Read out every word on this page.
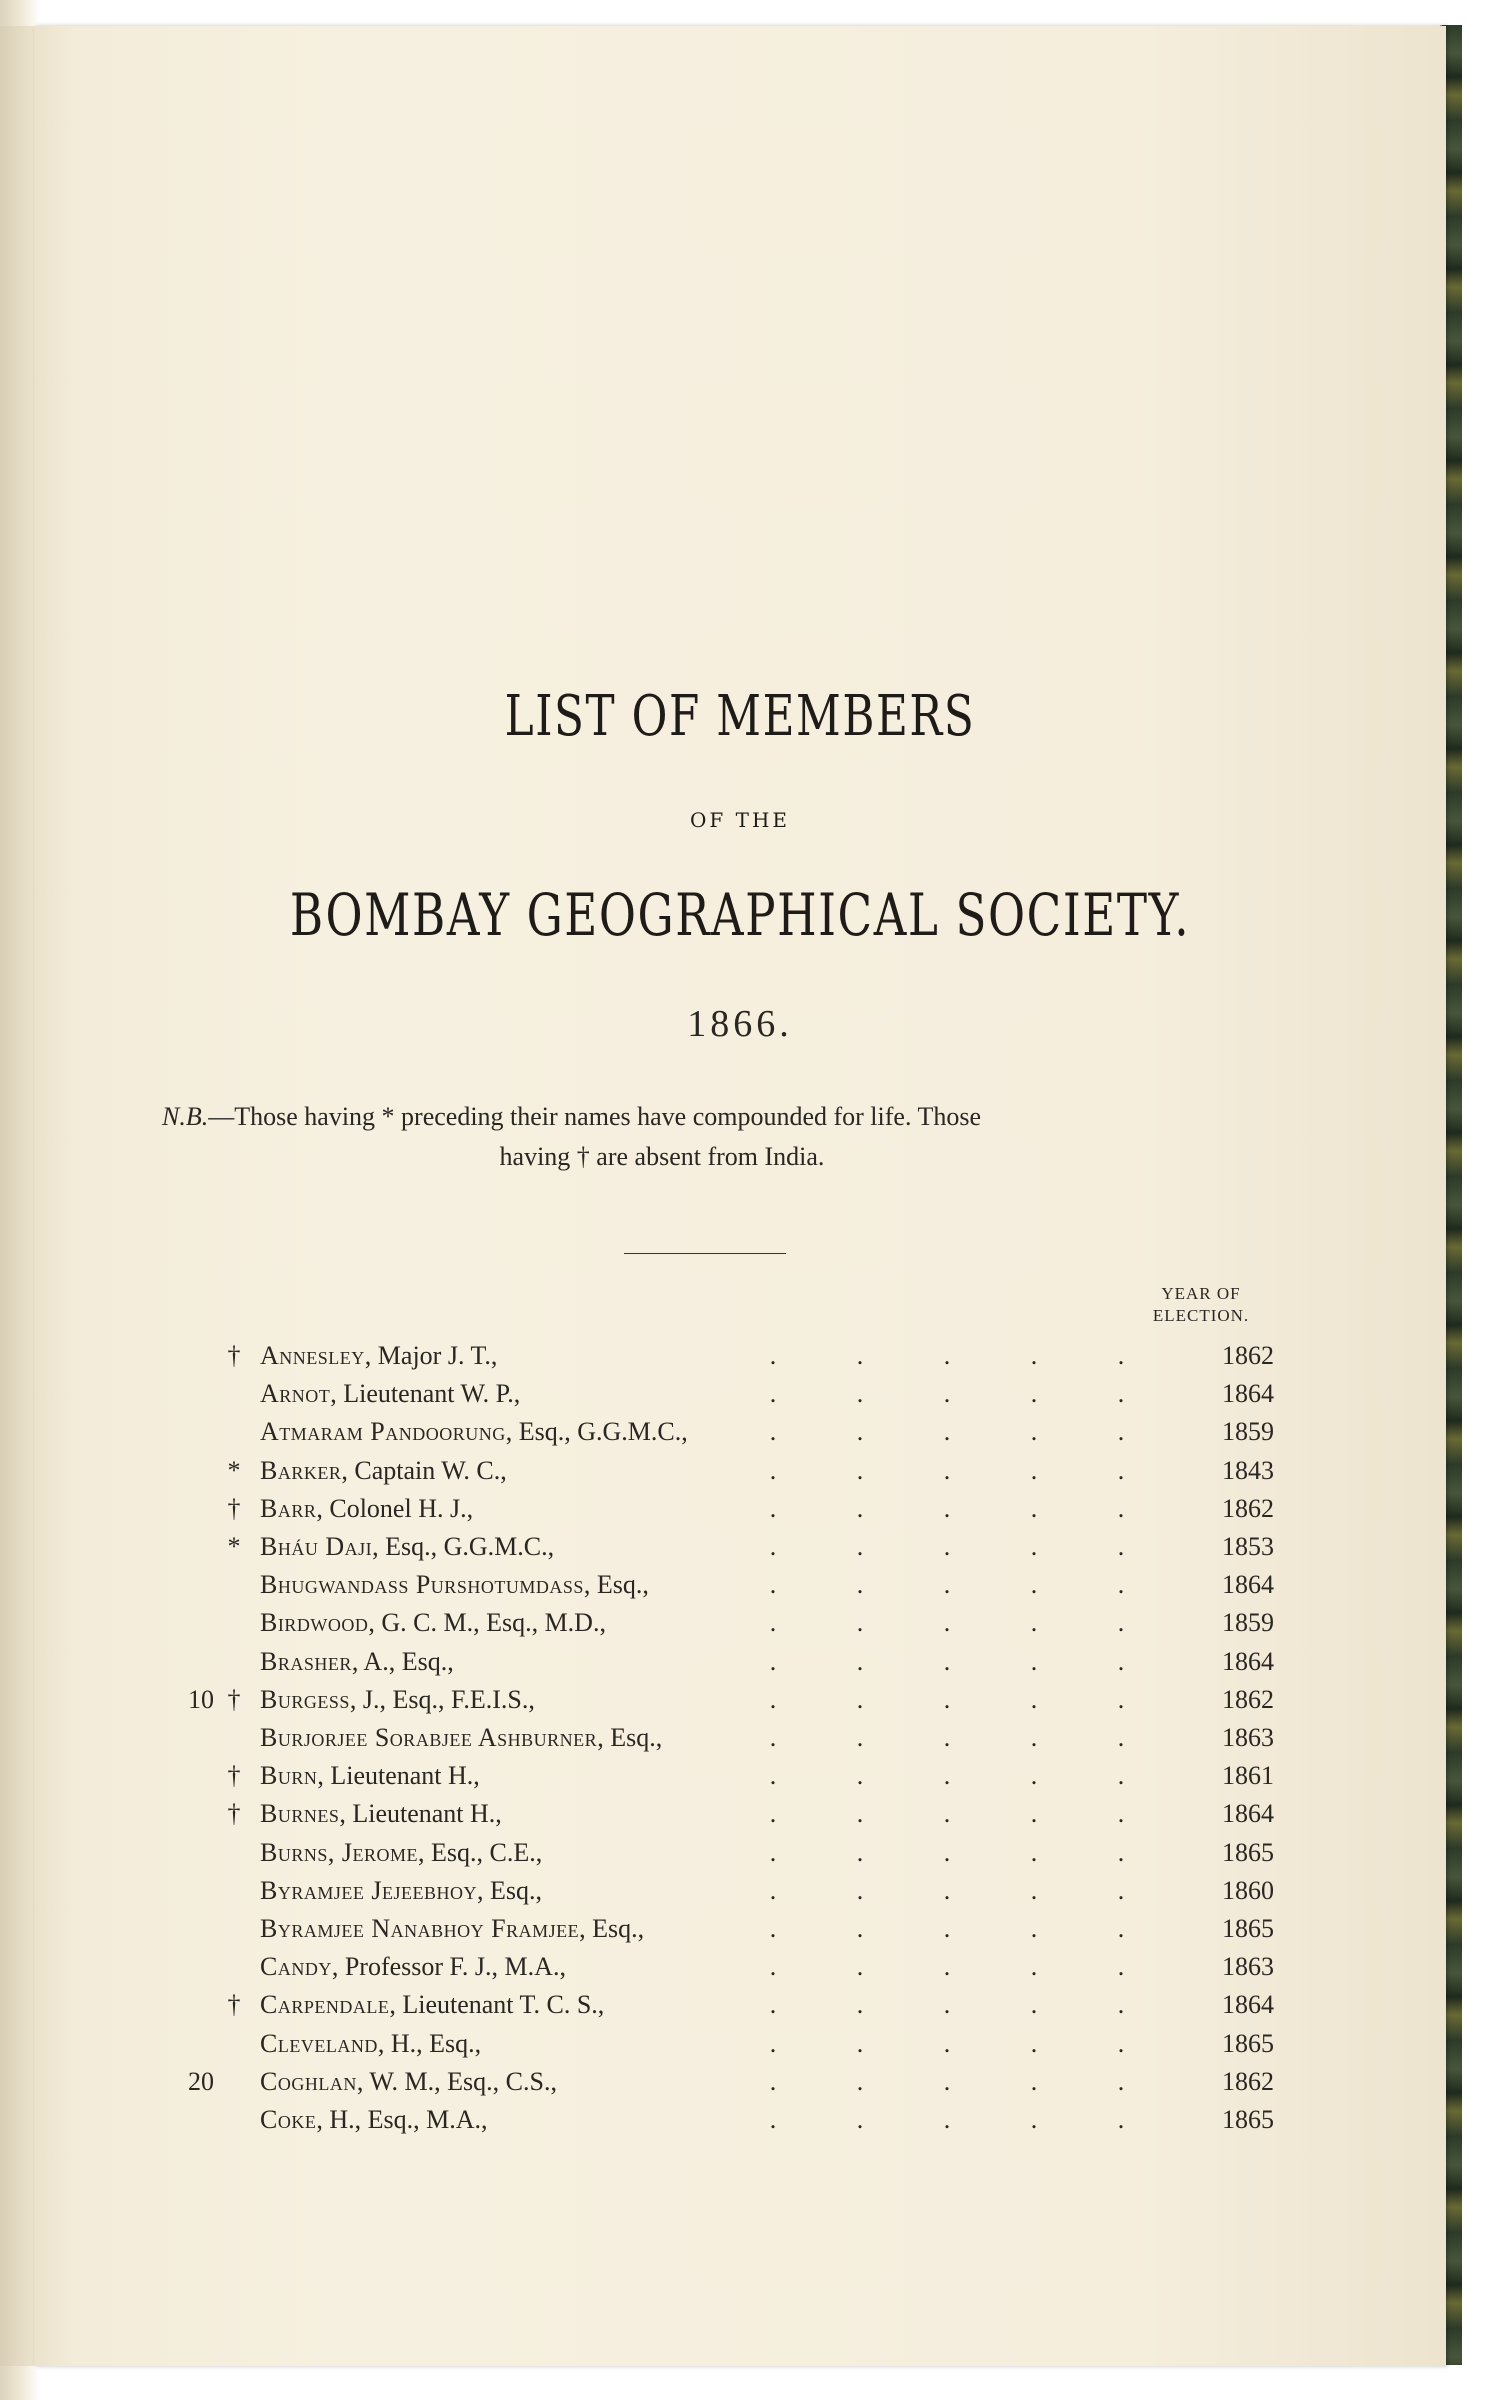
LIST OF MEMBERS
OF THE
BOMBAY GEOGRAPHICAL SOCIETY.
1866.
N.B.—Those having * preceding their names have compounded for life. Those
having † are absent from India.
YEAR OF
ELECTION.
† Annesley, Major J. T.,	.	.	.	.	.	1862
Arnot, Lieutenant W. P.,	.	.	.	.	.	1864
Atmaram Pandoorung, Esq., G.G.M.C.,	.	.	.	.	.	1859
* Barker, Captain W. C.,	.	.	.	.	.	1843
† Barr, Colonel H. J.,	.	.	.	.	.	1862
* Bháu Daji, Esq., G.G.M.C.,	.	.	.	.	.	1853
Bhugwandass Purshotumdass, Esq.,	.	.	.	.	.	1864
Birdwood, G. C. M., Esq., M.D.,	.	.	.	.	.	1859
Brasher, A., Esq.,	.	.	.	.	.	1864
10 † Burgess, J., Esq., F.E.I.S.,	.	.	.	.	.	1862
Burjorjee Sorabjee Ashburner, Esq.,	.	.	.	.	.	1863
† Burn, Lieutenant H.,	.	.	.	.	.	1861
† Burnes, Lieutenant H.,	.	.	.	.	.	1864
Burns, Jerome, Esq., C.E.,	.	.	.	.	.	1865
Byramjee Jejeebhoy, Esq.,	.	.	.	.	.	1860
Byramjee Nanabhoy Framjee, Esq.,	.	.	.	.	.	1865
Candy, Professor F. J., M.A.,	.	.	.	.	.	1863
† Carpendale, Lieutenant T. C. S.,	.	.	.	.	.	1864
Cleveland, H., Esq.,	.	.	.	.	.	1865
20 Coghlan, W. M., Esq., C.S.,	.	.	.	.	.	1862
Coke, H., Esq., M.A.,	.	.	.	.	.	1865
